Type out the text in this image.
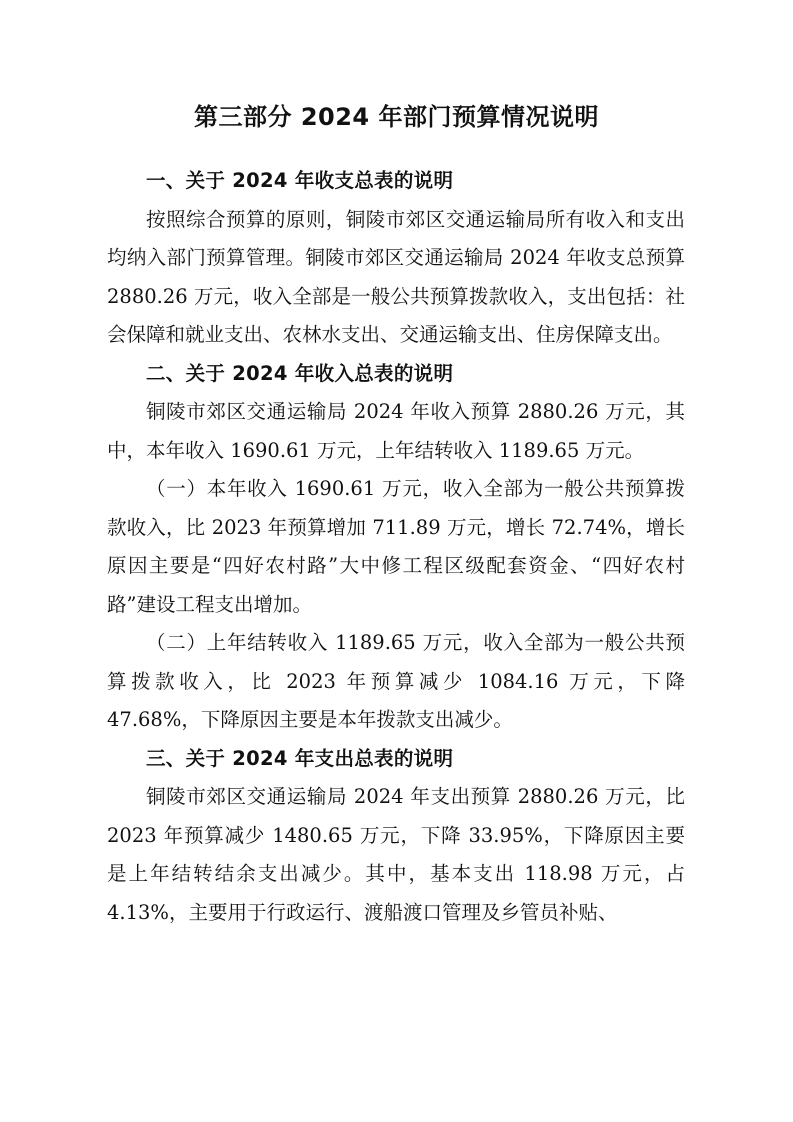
第三部分 2024 年部门预算情况说明
一、关于 2024 年收支总表的说明

按照综合预算的原则，铜陵市郊区交通运输局所有收入和支出均纳入部门预算管理。铜陵市郊区交通运输局 2024 年收支总预算 2880.26 万元，收入全部是一般公共预算拨款收入，支出包括：社会保障和就业支出、农林水支出、交通运输支出、住房保障支出。

二、关于 2024 年收入总表的说明

铜陵市郊区交通运输局 2024 年收入预算 2880.26 万元，其中，本年收入 1690.61 万元，上年结转收入 1189.65 万元。

（一）本年收入 1690.61 万元，收入全部为一般公共预算拨款收入，比 2023 年预算增加 711.89 万元，增长 72.74%，增长原因主要是“四好农村路”大中修工程区级配套资金、“四好农村路”建设工程支出增加。

（二）上年结转收入 1189.65 万元，收入全部为一般公共预算拨款收入，比 2023 年预算减少 1084.16 万元，下降 47.68%，下降原因主要是本年拨款支出减少。

三、关于 2024 年支出总表的说明

铜陵市郊区交通运输局 2024 年支出预算 2880.26 万元，比 2023 年预算减少 1480.65 万元，下降 33.95%，下降原因主要是上年结转结余支出减少。其中，基本支出 118.98 万元，占 4.13%，主要用于行政运行、渡船渡口管理及乡管员补贴、
